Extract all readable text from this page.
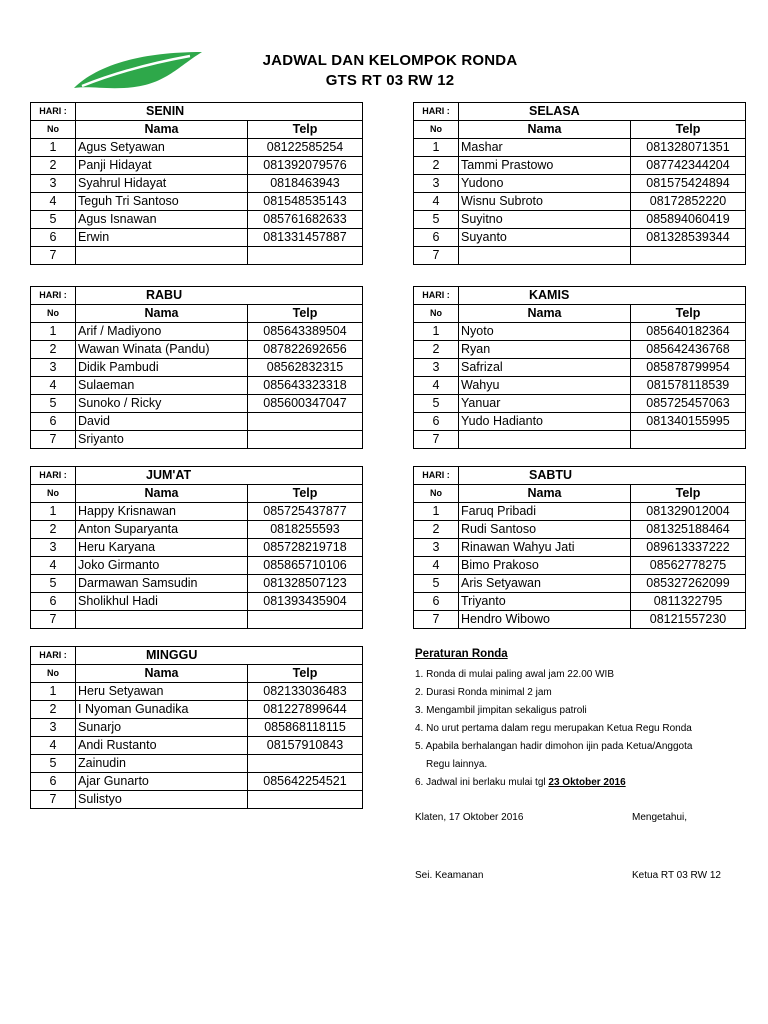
JADWAL DAN KELOMPOK RONDA
GTS RT 03 RW 12
HARI :	SENIN	
No	Nama	Telp
1	Agus Setyawan	08122585254
2	Panji Hidayat	081392079576
3	Syahrul Hidayat	0818463943
4	Teguh Tri Santoso	081548535143
5	Agus Isnawan	085761682633
6	Erwin	081331457887
7		
HARI :	SELASA	
No	Nama	Telp
1	Mashar	081328071351
2	Tammi Prastowo	087742344204
3	Yudono	081575424894
4	Wisnu Subroto	08172852220
5	Suyitno	085894060419
6	Suyanto	081328539344
7		
HARI :	RABU	
No	Nama	Telp
1	Arif / Madiyono	085643389504
2	Wawan Winata (Pandu)	087822692656
3	Didik Pambudi	08562832315
4	Sulaeman	085643323318
5	Sunoko / Ricky	085600347047
6	David	
7	Sriyanto	
HARI :	KAMIS	
No	Nama	Telp
1	Nyoto	085640182364
2	Ryan	085642436768
3	Safrizal	085878799954
4	Wahyu	081578118539
5	Yanuar	085725457063
6	Yudo Hadianto	081340155995
7		
HARI :	JUM'AT	
No	Nama	Telp
1	Happy Krisnawan	085725437877
2	Anton Suparyanta	0818255593
3	Heru Karyana	085728219718
4	Joko Girmanto	085865710106
5	Darmawan Samsudin	081328507123
6	Sholikhul Hadi	081393435904
7		
HARI :	SABTU	
No	Nama	Telp
1	Faruq Pribadi	081329012004
2	Rudi Santoso	081325188464
3	Rinawan Wahyu Jati	089613337222
4	Bimo Prakoso	08562778275
5	Aris Setyawan	085327262099
6	Triyanto	0811322795
7	Hendro Wibowo	08121557230
HARI :	MINGGU	
No	Nama	Telp
1	Heru Setyawan	082133036483
2	I Nyoman Gunadika	081227899644
3	Sunarjo	085868118115
4	Andi Rustanto	08157910843
5	Zainudin	
6	Ajar Gunarto	085642254521
7	Sulistyo	
Peraturan Ronda
1. Ronda di mulai paling awal jam 22.00 WIB
2. Durasi Ronda minimal 2 jam
3. Mengambil jimpitan sekaligus patroli
4. No urut pertama dalam regu merupakan Ketua Regu Ronda
5. Apabila berhalangan hadir dimohon ijin pada Ketua/Anggota
Regu lainnya.
6. Jadwal ini berlaku mulai tgl 23 Oktober 2016
Klaten, 17 Oktober 2016	Mengetahui,
Sei. Keamanan	Ketua RT 03 RW 12
